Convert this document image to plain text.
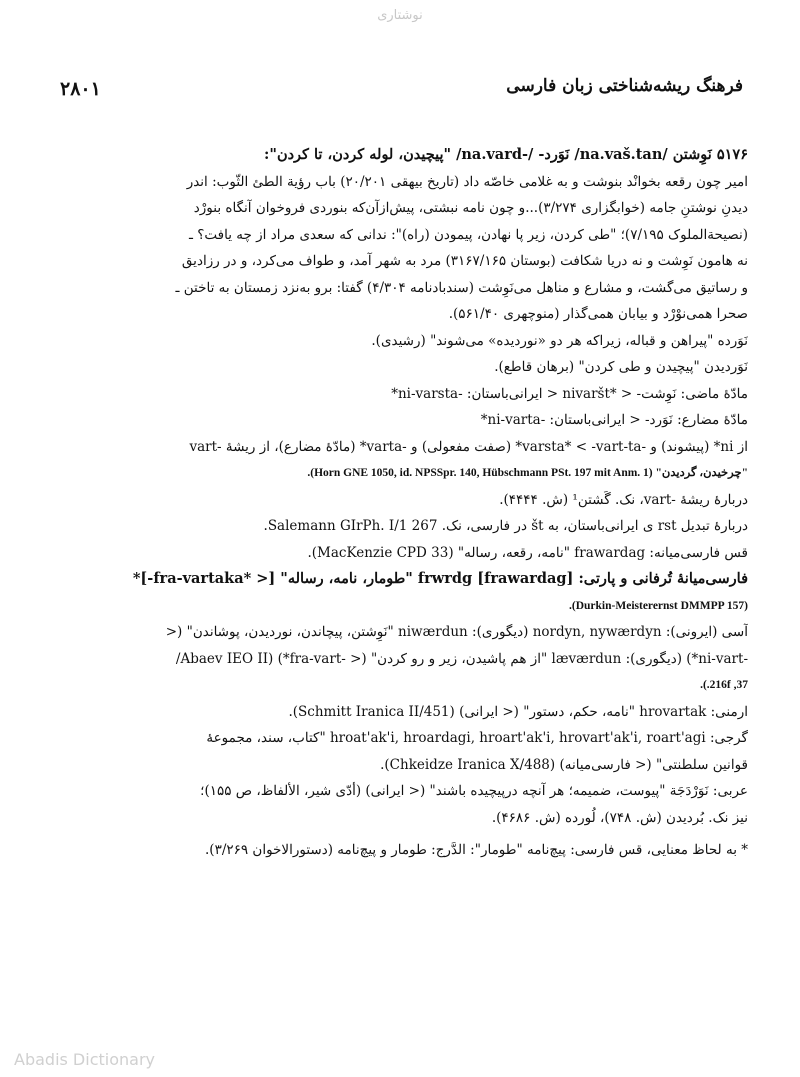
نوشتاری
۲۸۰۱	فرهنگ ریشه‌شناختی زبان فارسی
۵۱۷۶ نَوِشتن /na.vaš.tan/ نَوَرد- /-na.vard/ "پیچیدن، لوله کردن، تا کردن":
امیر چون رقعه بخوانْد بنوشت و به غلامی خاصّه داد (تاریخ بیهقی ۲۰/۲۰۱) باب رؤیة الطئ الثّوب: اندر
دیدنِ نوشتنِ جامه (خوابگزاری ۳/۲۷۴)...و چون نامه نبشتی، پیش‌ازآن‌که بنوردی فروخوان آنگاه بنورْد
(نصیحة‌الملوک ۷/۱۹۵)؛ "طی کردن، زیر پا نهادن، پیمودن (راه)": ندانی که سعدی مراد از چه یافت؟ ـ
نه هامون نَوِشت و نه دریا شکافت (بوستان ۳۱۶۷/۱۶۵) مرد به شهر آمد، و طواف می‌کرد، و در رزادیق
و رساتیق می‌گشت، و مشارع و مناهل می‌نَوِشت (سندبادنامه ۴/۳۰۴) گفتا: برو به‌نزد زمستان به تاختن ـ
صحرا همی‌نوْرْد و بیابان همی‌گذار (منوچهری ۵۶۱/۴۰).
نَوَرده "پیراهن و قباله، زیراکه هر دو «نوردیده» می‌شوند" (رشیدی).
نَوَردیدن "پیچیدن و طی کردن" (برهان قاطع).
مادّهٔ ماضی: نَوِشت- < *nivaršt < ایرانی‌باستان: -ni-varsta*
مادّهٔ مضارع: نَوَرد- < ایرانی‌باستان: -ni-varta*
از ni* (پیشوند) و -varsta* < -vart-ta* (صفت مفعولی) و -varta* (مادّهٔ مضارع)، از ریشهٔ -vart
"چرخیدن، گردیدن" (Horn GNE 1050, id. NPSSpr. 140, Hübschmann PSt. 197 mit Anm. 1).
دربارهٔ ریشهٔ -vart، نک. گَشتن¹ (ش. ۴۴۴۴).
دربارهٔ تبدیل rst ی ایرانی‌باستان، به št در فارسی، نک. Salemann GIrPh. I/1 267.
قس فارسی‌میانه: frawardag "نامه، رقعه، رساله" (MacKenzie CPD 33).
فارسی‌میانهٔ تُرفانی و پارتی: frwrdg [frawardag] "طومار، نامه، رساله" [< *fra-vartaka-]*
(Durkin-Meisterernst DMMPP 157).
آسی (ایرونی): nordyn, nywærdyn (دیگوری): niwærdun "نَوِشتن، پیچاندن، نوردیدن، پوشاندن" (<
-ni-vart*) (دیگوری): læværdun "از هم پاشیدن، زیر و رو کردن" (< -fra-vart*) (Abaev IEO II/
37, 216f.).
ارمنی: hrovartak "نامه، حکم، دستور" (< ایرانی) (Schmitt Iranica II/451).
گرجی: hroat'ak'i, hroardagi, hroart'ak'i, hrovart'ak'i, roart'agi "کتاب، سند، مجموعهٔ
قوانین سلطنتی" (< فارسی‌میانه) (Chkeidze Iranica X/488).
عربی: نَوَرْدَجَة "پیوست، ضمیمه؛ هر آنچه درپیچیده باشند" (< ایرانی) (أدّی شیر، الألفاظ، ص ۱۵۵)؛
نیز نک. بُردیدن (ش. ۷۴۸)، لُورده (ش. ۴۶۸۶).
* به لحاظ معنایی، قس فارسی: پیچ‌نامه "طومار": الدَّرج: طومار و پیچ‌نامه (دستورالاخوان ۳/۲۶۹).
Abadis Dictionary
